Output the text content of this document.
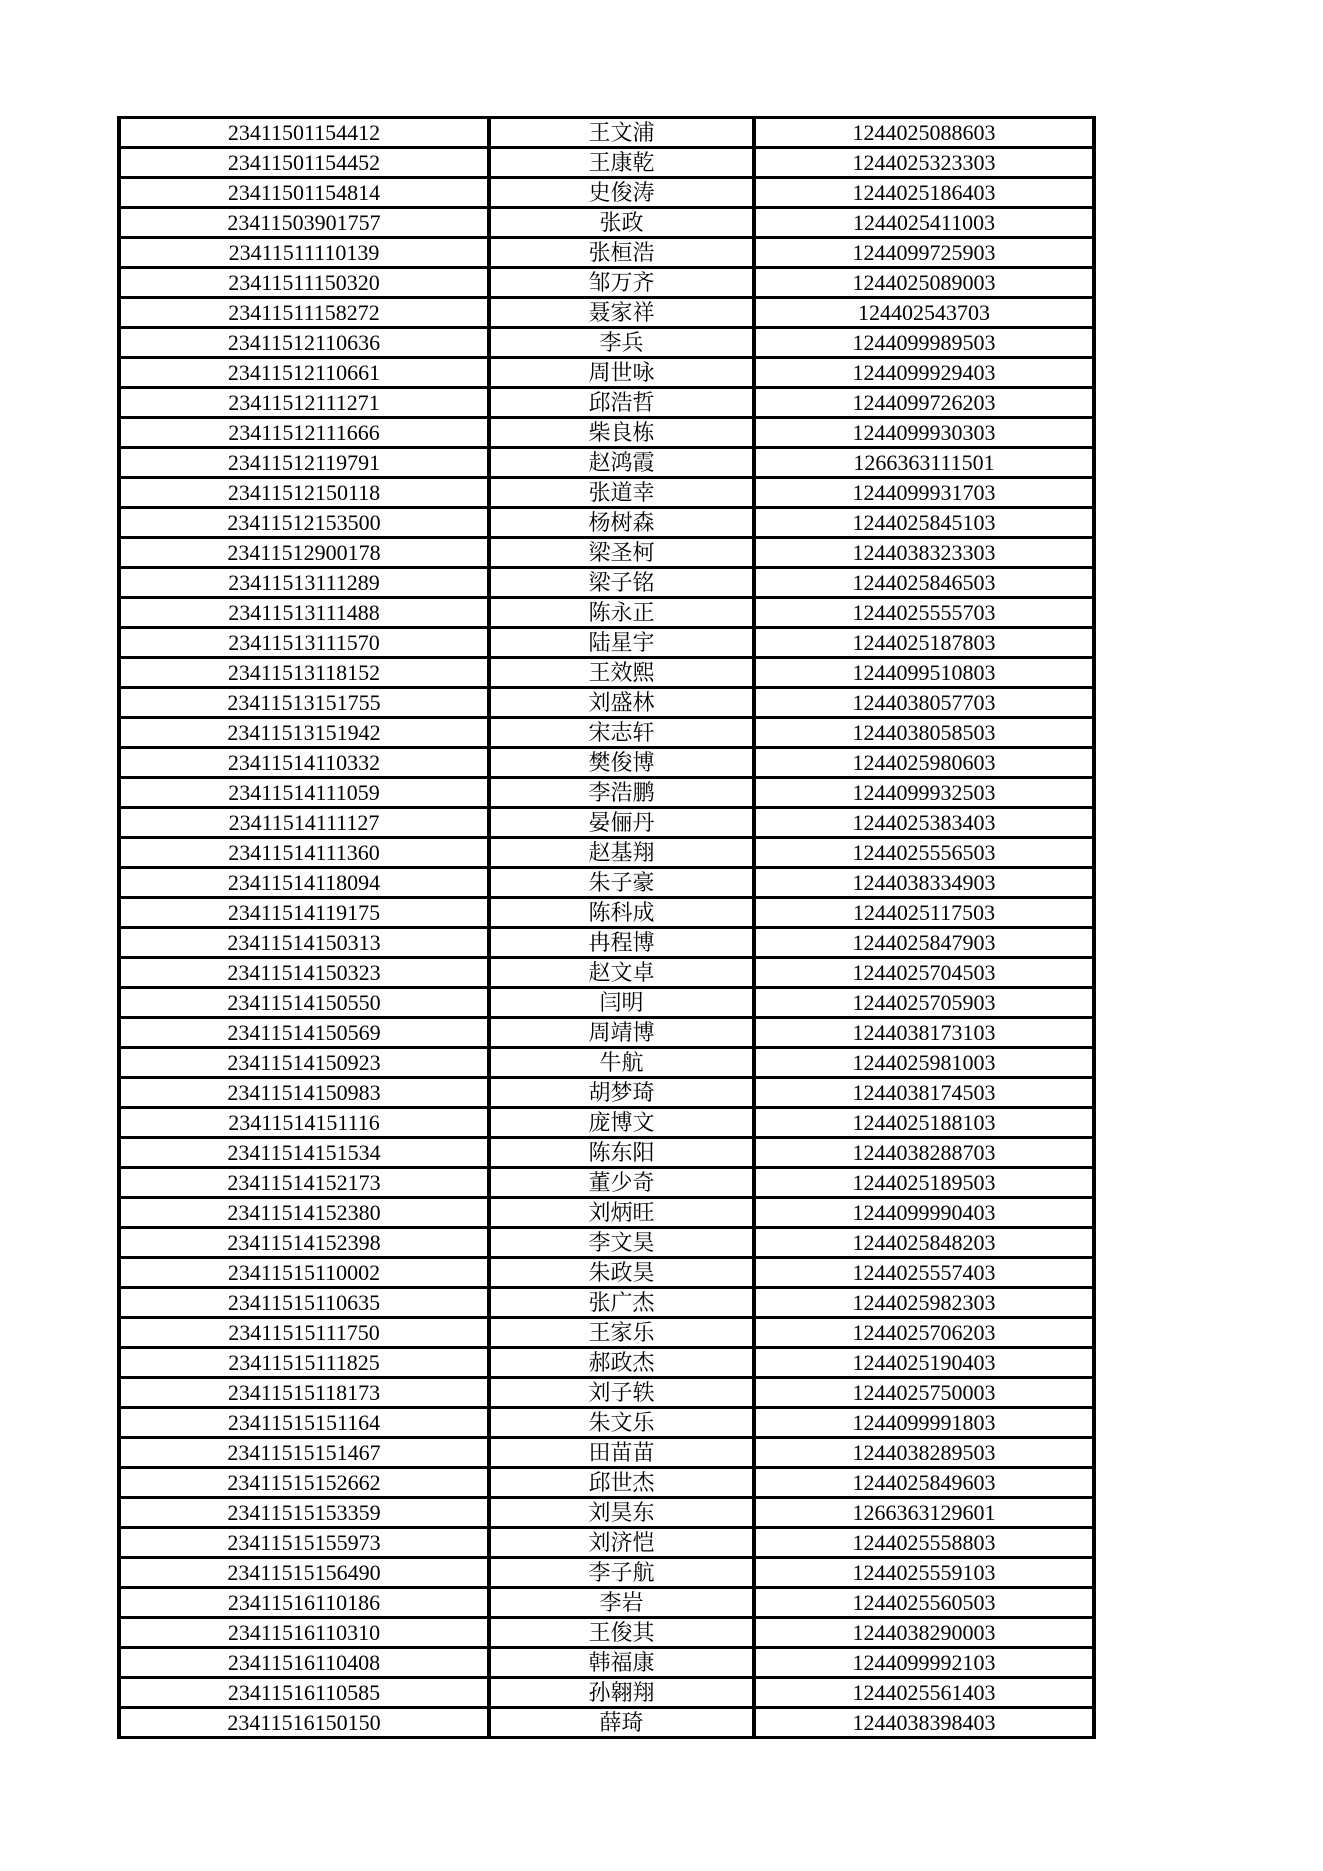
23411501154412	王文浦	1244025088603
23411501154452	王康乾	1244025323303
23411501154814	史俊涛	1244025186403
23411503901757	张政	1244025411003
23411511110139	张桓浩	1244099725903
23411511150320	邹万齐	1244025089003
23411511158272	聂家祥	124402543703
23411512110636	李兵	1244099989503
23411512110661	周世咏	1244099929403
23411512111271	邱浩哲	1244099726203
23411512111666	柴良栋	1244099930303
23411512119791	赵鸿霞	1266363111501
23411512150118	张道幸	1244099931703
23411512153500	杨树森	1244025845103
23411512900178	梁圣柯	1244038323303
23411513111289	梁子铭	1244025846503
23411513111488	陈永正	1244025555703
23411513111570	陆星宇	1244025187803
23411513118152	王效熙	1244099510803
23411513151755	刘盛林	1244038057703
23411513151942	宋志轩	1244038058503
23411514110332	樊俊博	1244025980603
23411514111059	李浩鹏	1244099932503
23411514111127	晏俪丹	1244025383403
23411514111360	赵基翔	1244025556503
23411514118094	朱子豪	1244038334903
23411514119175	陈科成	1244025117503
23411514150313	冉程博	1244025847903
23411514150323	赵文卓	1244025704503
23411514150550	闫明	1244025705903
23411514150569	周靖博	1244038173103
23411514150923	牛航	1244025981003
23411514150983	胡梦琦	1244038174503
23411514151116	庞博文	1244025188103
23411514151534	陈东阳	1244038288703
23411514152173	董少奇	1244025189503
23411514152380	刘炳旺	1244099990403
23411514152398	李文昊	1244025848203
23411515110002	朱政昊	1244025557403
23411515110635	张广杰	1244025982303
23411515111750	王家乐	1244025706203
23411515111825	郝政杰	1244025190403
23411515118173	刘子轶	1244025750003
23411515151164	朱文乐	1244099991803
23411515151467	田苗苗	1244038289503
23411515152662	邱世杰	1244025849603
23411515153359	刘昊东	1266363129601
23411515155973	刘济恺	1244025558803
23411515156490	李子航	1244025559103
23411516110186	李岩	1244025560503
23411516110310	王俊其	1244038290003
23411516110408	韩福康	1244099992103
23411516110585	孙翱翔	1244025561403
23411516150150	薛琦	1244038398403
